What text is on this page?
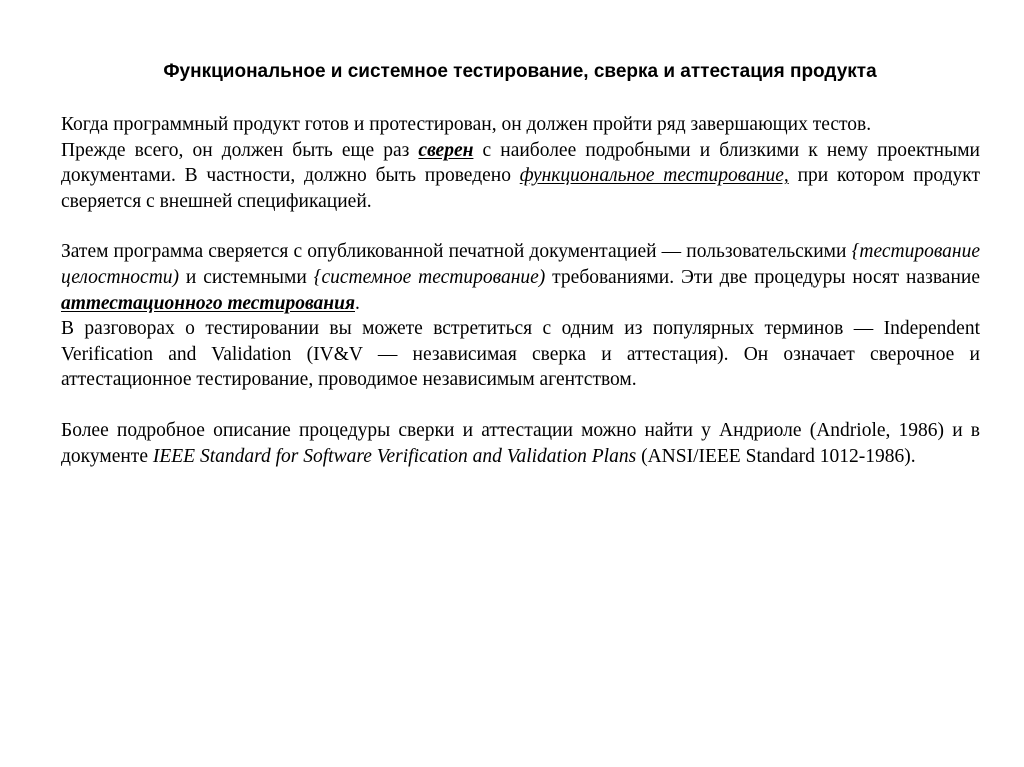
Функциональное и системное тестирование, сверка и аттестация продукта

Когда программный продукт готов и протестирован, он должен пройти ряд завершающих тестов.

Прежде всего, он должен быть еще раз сверен с наиболее подробными и близкими к нему проектными документами. В частности, должно быть проведено функциональное тестирование, при котором продукт сверяется с внешней спецификацией.

Затем программа сверяется с опубликованной печатной документацией — пользовательскими {тестирование целостности) и системными {системное тестирование) требованиями. Эти две процедуры носят название аттестационного тестирования.

В разговорах о тестировании вы можете встретиться с одним из популярных терминов — Independent Verification and Validation (IV&V — независимая сверка и аттестация). Он означает сверочное и аттестационное тестирование, проводимое независимым агентством.

Более подробное описание процедуры сверки и аттестации можно найти у Андриоле (Andriole, 1986) и в документе IEEE Standard for Software Verification and Validation Plans (ANSI/IEEE Standard 1012-1986).
